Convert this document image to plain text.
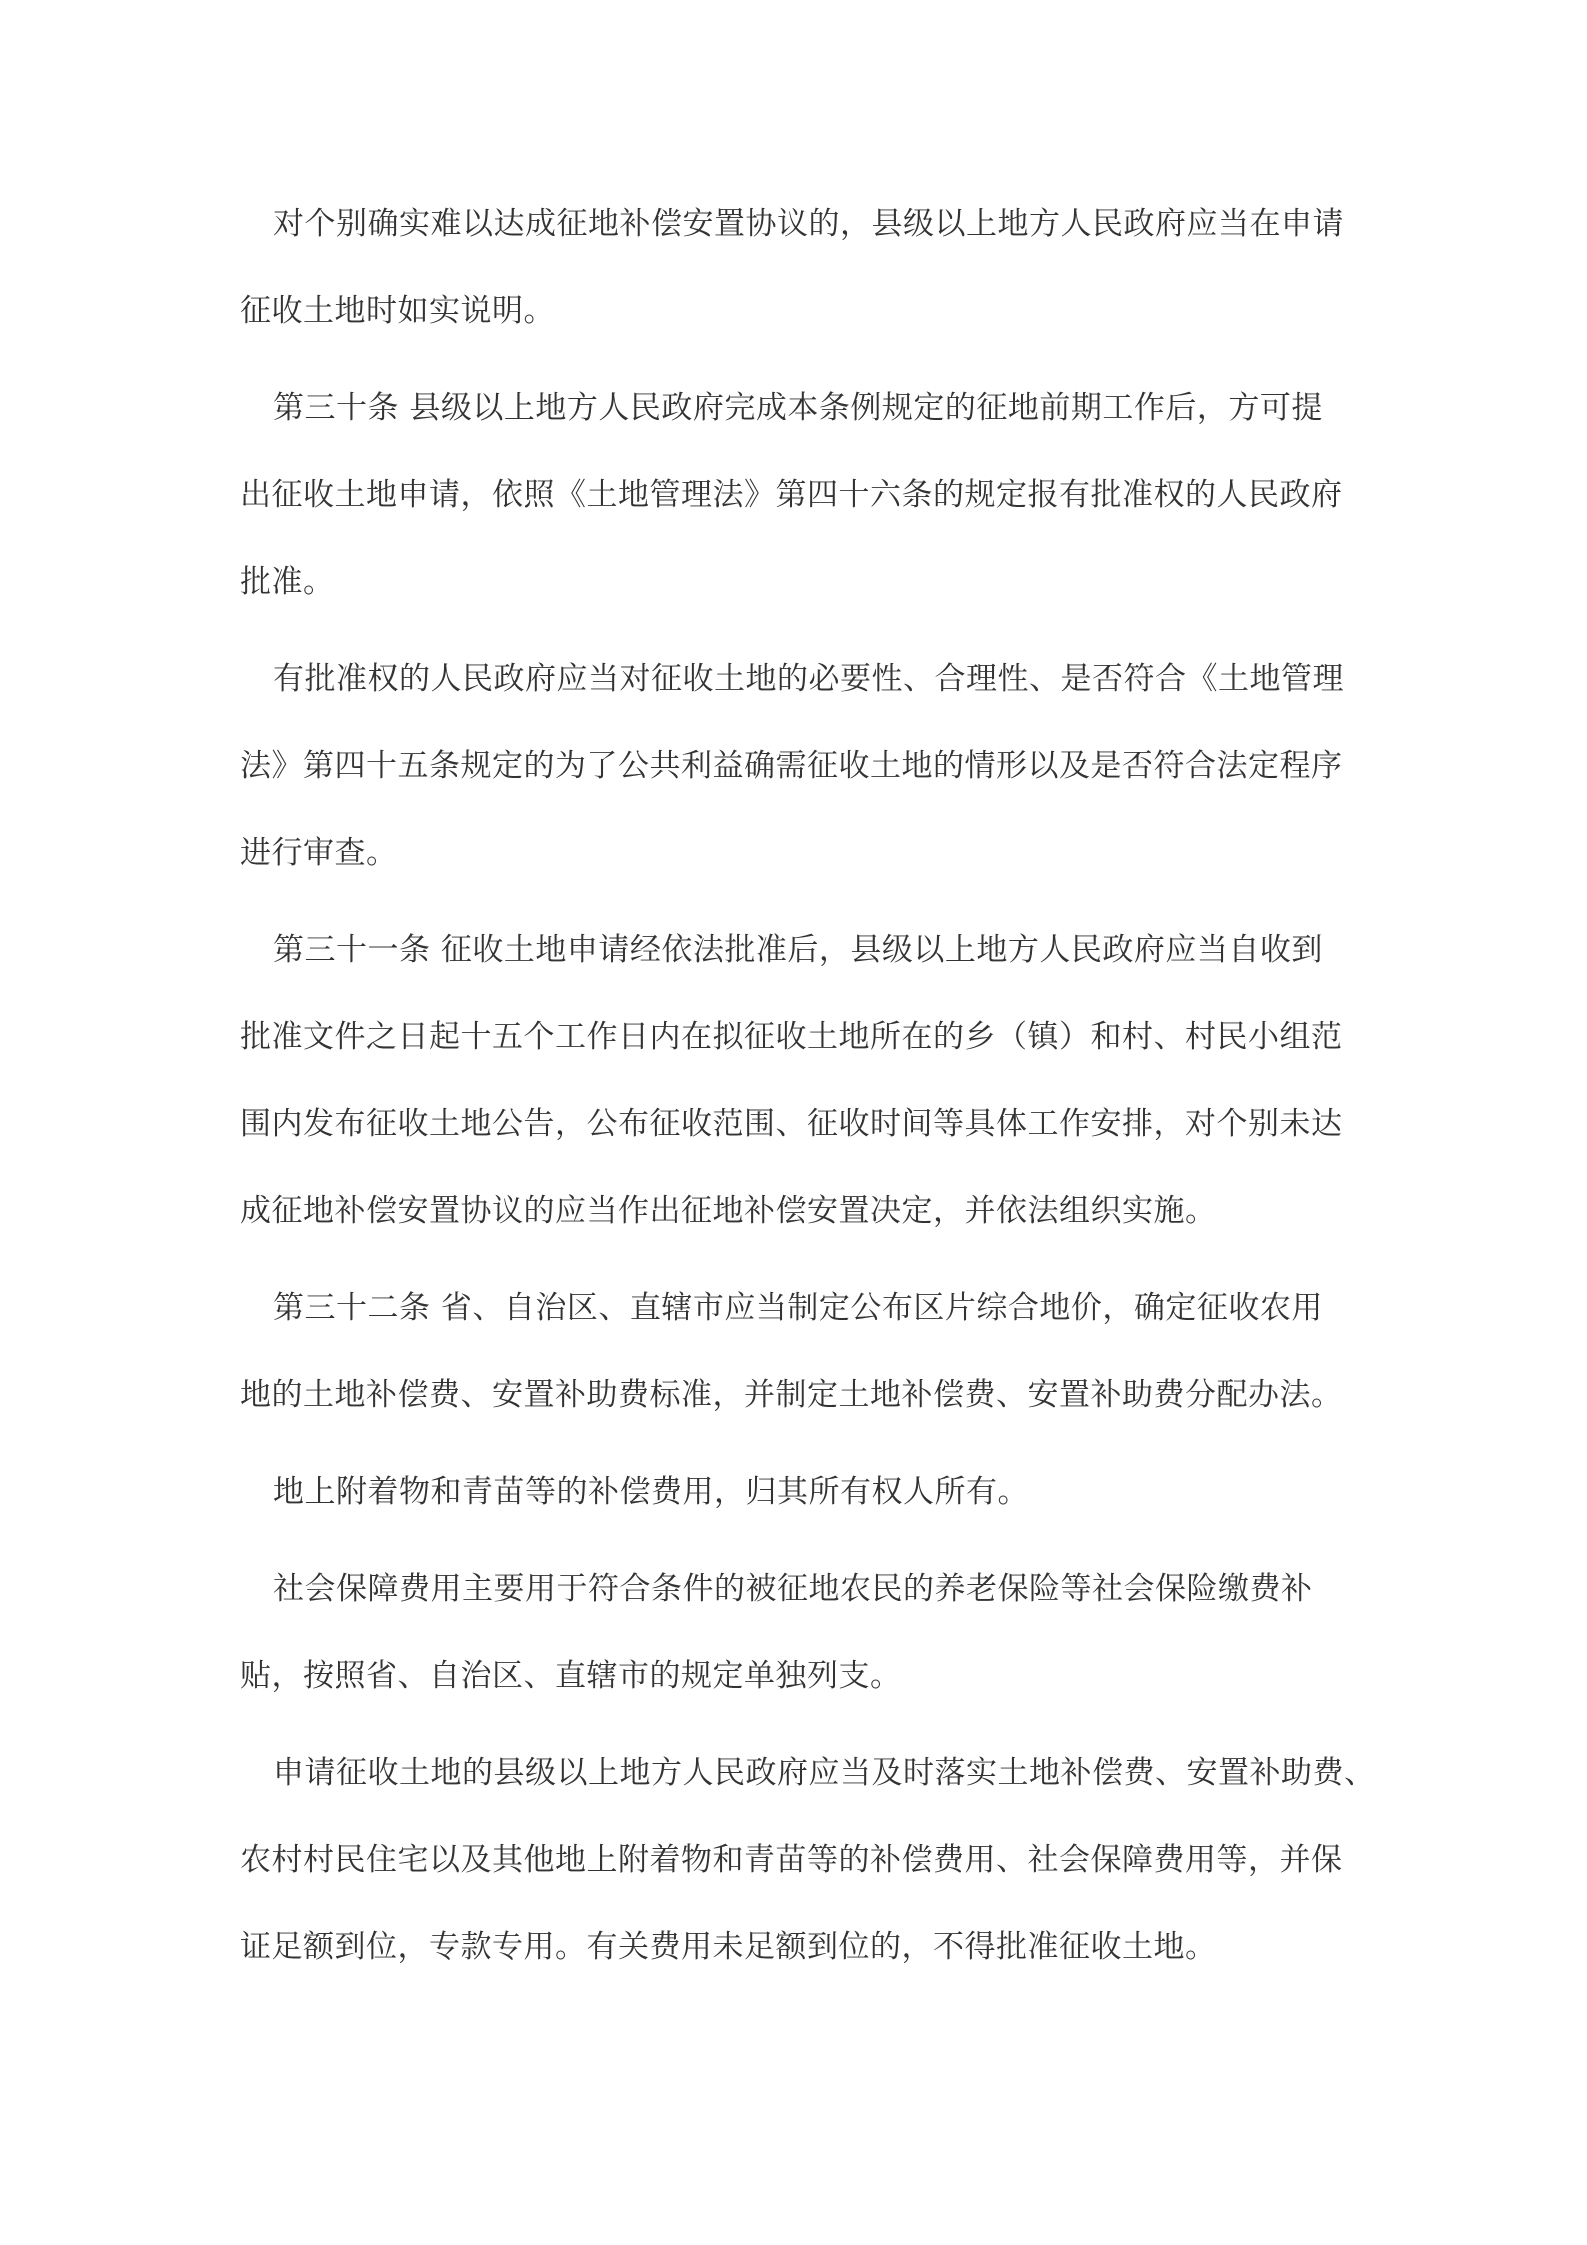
对个别确实难以达成征地补偿安置协议的，县级以上地方人民政府应当在申请
征收土地时如实说明。
第三十条 县级以上地方人民政府完成本条例规定的征地前期工作后，方可提
出征收土地申请，依照《土地管理法》第四十六条的规定报有批准权的人民政府
批准。
有批准权的人民政府应当对征收土地的必要性、合理性、是否符合《土地管理
法》第四十五条规定的为了公共利益确需征收土地的情形以及是否符合法定程序
进行审查。
第三十一条 征收土地申请经依法批准后，县级以上地方人民政府应当自收到
批准文件之日起十五个工作日内在拟征收土地所在的乡（镇）和村、村民小组范
围内发布征收土地公告，公布征收范围、征收时间等具体工作安排，对个别未达
成征地补偿安置协议的应当作出征地补偿安置决定，并依法组织实施。
第三十二条 省、自治区、直辖市应当制定公布区片综合地价，确定征收农用
地的土地补偿费、安置补助费标准，并制定土地补偿费、安置补助费分配办法。
地上附着物和青苗等的补偿费用，归其所有权人所有。
社会保障费用主要用于符合条件的被征地农民的养老保险等社会保险缴费补
贴，按照省、自治区、直辖市的规定单独列支。
申请征收土地的县级以上地方人民政府应当及时落实土地补偿费、安置补助费、
农村村民住宅以及其他地上附着物和青苗等的补偿费用、社会保障费用等，并保
证足额到位，专款专用。有关费用未足额到位的，不得批准征收土地。
